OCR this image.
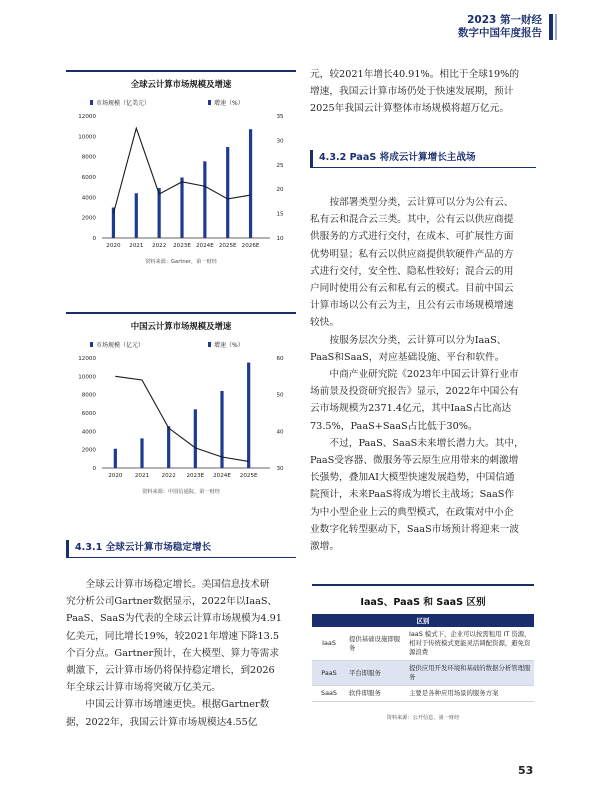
2023 第一财经
数字中国年度报告
全球云计算市场规模及增速
市场规模（亿美元）	增速（%）
12000
10000
8000
6000
4000
2000
0
35
30
25
20
15
10
2020 2021 2022 2023E 2024E 2025E 2026E
资料来源：Gartner，第一财经
中国云计算市场规模及增速
市场规模（亿元）	增速（%）
12000
10000
8000
6000
4000
2000
0
60
50
40
30
2020 2021 2022 2023E 2024E 2025E
资料来源：中国信通院，第一财经
4.3.1 全球云计算市场稳定增长
全球云计算市场稳定增长。美国信息技术研
究分析公司Gartner数据显示，2022年以IaaS、
PaaS、SaaS为代表的全球云计算市场规模为4.91
亿美元，同比增长19%，较2021年增速下降13.5
个百分点。Gartner预计，在大模型、算力等需求
刺激下，云计算市场仍将保持稳定增长，到2026
年全球云计算市场将突破万亿美元。
中国云计算市场增速更快。根据Gartner数
据，2022年，我国云计算市场规模达4.55亿
元，较2021年增长40.91%。相比于全球19%的
增速，我国云计算市场仍处于快速发展期，预计
2025年我国云计算整体市场规模将超万亿元。
4.3.2 PaaS 将成云计算增长主战场
按部署类型分类，云计算可以分为公有云、
私有云和混合云三类。其中，公有云以供应商提
供服务的方式进行交付，在成本、可扩展性方面
优势明显；私有云以供应商提供软硬件产品的方
式进行交付，安全性、隐私性较好；混合云的用
户同时使用公有云和私有云的模式。目前中国云
计算市场以公有云为主，且公有云市场规模增速
较快。
按服务层次分类，云计算可以分为IaaS、
PaaS和SaaS，对应基础设施、平台和软件。
中商产业研究院《2023年中国云计算行业市
场前景及投资研究报告》显示，2022年中国公有
云市场规模为2371.4亿元，其中IaaS占比高达
73.5%，PaaS+SaaS占比低于30%。
不过，PaaS、SaaS未来增长潜力大。其中，
PaaS受容器、微服务等云原生应用带来的刺激增
长强势，叠加AI大模型快速发展趋势，中国信通
院预计，未来PaaS将成为增长主战场；SaaS作
为中小型企业上云的典型模式，在政策对中小企
业数字化转型驱动下，SaaS市场预计将迎来一波
激增。
IaaS、PaaS 和 SaaS 区别
区别		
IaaS	提供基础设施即服务	IaaS 模式下，企业可以按需租用 IT 资源，相对于传统模式更能灵活调配资源，避免资源浪费
PaaS	平台即服务	提供应用开发环境和基础的数据分析管理服务
SaaS	软件即服务	主要是各种应用场景的服务方案
资料来源：公开信息，第一财经
53
